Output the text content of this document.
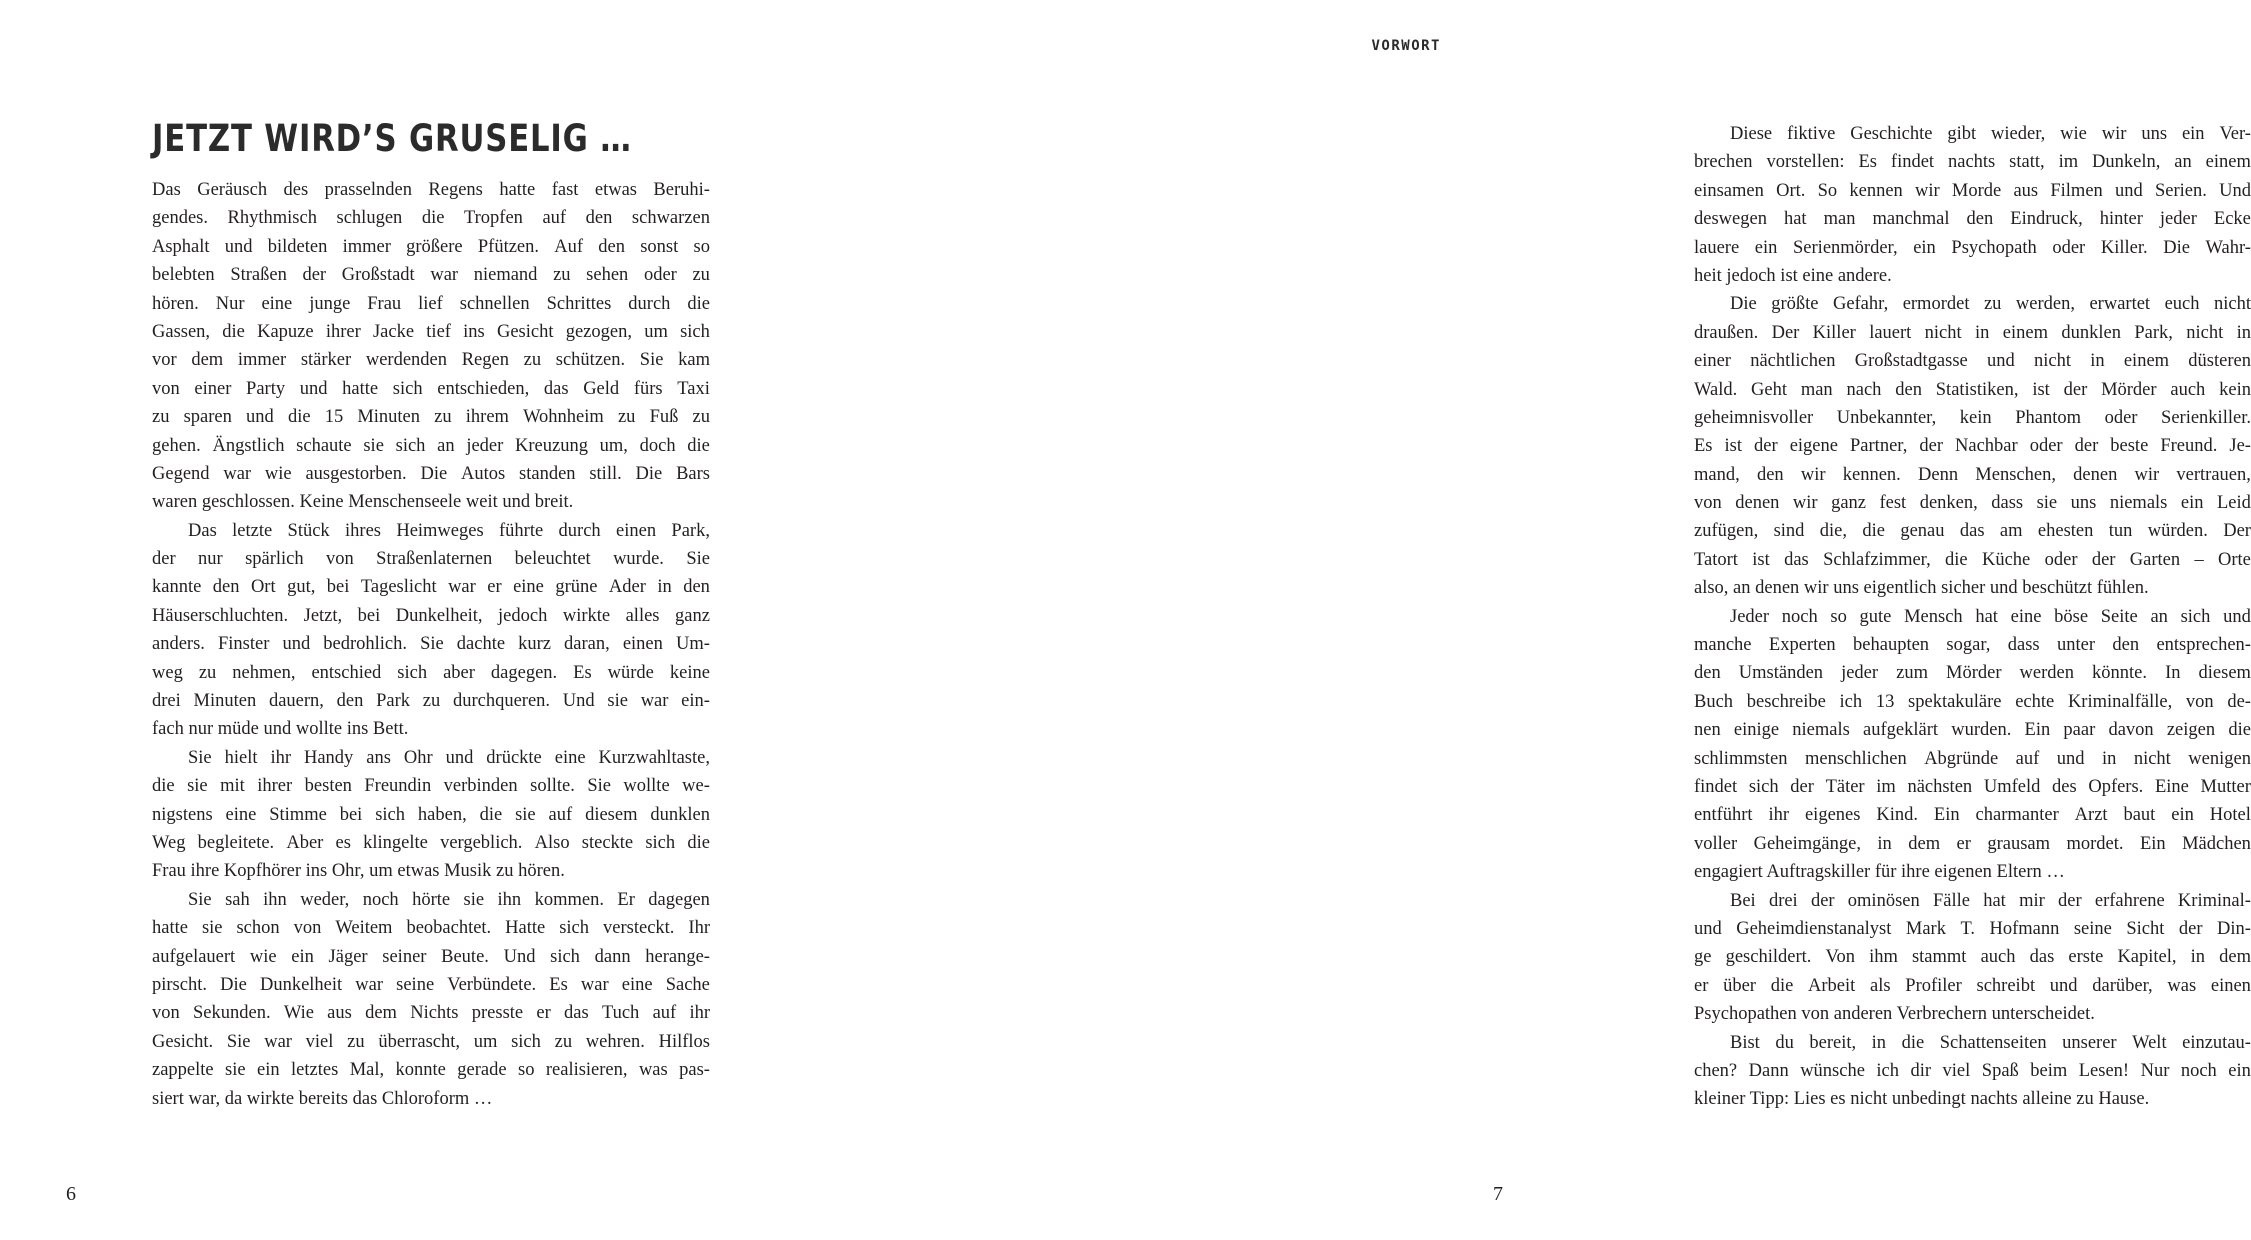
JETZT WIRD’S GRUSELIG …
Das Geräusch des prasselnden Regens hatte fast etwas Beruhi-
gendes. Rhythmisch schlugen die Tropfen auf den schwarzen
Asphalt und bildeten immer größere Pfützen. Auf den sonst so
belebten Straßen der Großstadt war niemand zu sehen oder zu
hören. Nur eine junge Frau lief schnellen Schrittes durch die
Gassen, die Kapuze ihrer Jacke tief ins Gesicht gezogen, um sich
vor dem immer stärker werdenden Regen zu schützen. Sie kam
von einer Party und hatte sich entschieden, das Geld fürs Taxi
zu sparen und die 15 Minuten zu ihrem Wohnheim zu Fuß zu
gehen. Ängstlich schaute sie sich an jeder Kreuzung um, doch die
Gegend war wie ausgestorben. Die Autos standen still. Die Bars
waren geschlossen. Keine Menschenseele weit und breit.
Das letzte Stück ihres Heimweges führte durch einen Park,
der nur spärlich von Straßenlaternen beleuchtet wurde. Sie
kannte den Ort gut, bei Tageslicht war er eine grüne Ader in den
Häuserschluchten. Jetzt, bei Dunkelheit, jedoch wirkte alles ganz
anders. Finster und bedrohlich. Sie dachte kurz daran, einen Um-
weg zu nehmen, entschied sich aber dagegen. Es würde keine
drei Minuten dauern, den Park zu durchqueren. Und sie war ein-
fach nur müde und wollte ins Bett.
Sie hielt ihr Handy ans Ohr und drückte eine Kurzwahltaste,
die sie mit ihrer besten Freundin verbinden sollte. Sie wollte we-
nigstens eine Stimme bei sich haben, die sie auf diesem dunklen
Weg begleitete. Aber es klingelte vergeblich. Also steckte sich die
Frau ihre Kopfhörer ins Ohr, um etwas Musik zu hören.
Sie sah ihn weder, noch hörte sie ihn kommen. Er dagegen
hatte sie schon von Weitem beobachtet. Hatte sich versteckt. Ihr
aufgelauert wie ein Jäger seiner Beute. Und sich dann herange-
pirscht. Die Dunkelheit war seine Verbündete. Es war eine Sache
von Sekunden. Wie aus dem Nichts presste er das Tuch auf ihr
Gesicht. Sie war viel zu überrascht, um sich zu wehren. Hilflos
zappelte sie ein letztes Mal, konnte gerade so realisieren, was pas-
siert war, da wirkte bereits das Chloroform …
6
VORWORT
Diese fiktive Geschichte gibt wieder, wie wir uns ein Ver-
brechen vorstellen: Es findet nachts statt, im Dunkeln, an einem
einsamen Ort. So kennen wir Morde aus Filmen und Serien. Und
deswegen hat man manchmal den Eindruck, hinter jeder Ecke
lauere ein Serienmörder, ein Psychopath oder Killer. Die Wahr-
heit jedoch ist eine andere.
Die größte Gefahr, ermordet zu werden, erwartet euch nicht
draußen. Der Killer lauert nicht in einem dunklen Park, nicht in
einer nächtlichen Großstadtgasse und nicht in einem düsteren
Wald. Geht man nach den Statistiken, ist der Mörder auch kein
geheimnisvoller Unbekannter, kein Phantom oder Serienkiller.
Es ist der eigene Partner, der Nachbar oder der beste Freund. Je-
mand, den wir kennen. Denn Menschen, denen wir vertrauen,
von denen wir ganz fest denken, dass sie uns niemals ein Leid
zufügen, sind die, die genau das am ehesten tun würden. Der
Tatort ist das Schlafzimmer, die Küche oder der Garten – Orte
also, an denen wir uns eigentlich sicher und beschützt fühlen.
Jeder noch so gute Mensch hat eine böse Seite an sich und
manche Experten behaupten sogar, dass unter den entsprechen-
den Umständen jeder zum Mörder werden könnte. In diesem
Buch beschreibe ich 13 spektakuläre echte Kriminalfälle, von de-
nen einige niemals aufgeklärt wurden. Ein paar davon zeigen die
schlimmsten menschlichen Abgründe auf und in nicht wenigen
findet sich der Täter im nächsten Umfeld des Opfers. Eine Mutter
entführt ihr eigenes Kind. Ein charmanter Arzt baut ein Hotel
voller Geheimgänge, in dem er grausam mordet. Ein Mädchen
engagiert Auftragskiller für ihre eigenen Eltern …
Bei drei der ominösen Fälle hat mir der erfahrene Kriminal-
und Geheimdienstanalyst Mark T. Hofmann seine Sicht der Din-
ge geschildert. Von ihm stammt auch das erste Kapitel, in dem
er über die Arbeit als Profiler schreibt und darüber, was einen
Psychopathen von anderen Verbrechern unterscheidet.
Bist du bereit, in die Schattenseiten unserer Welt einzutau-
chen? Dann wünsche ich dir viel Spaß beim Lesen! Nur noch ein
kleiner Tipp: Lies es nicht unbedingt nachts alleine zu Hause.
7
